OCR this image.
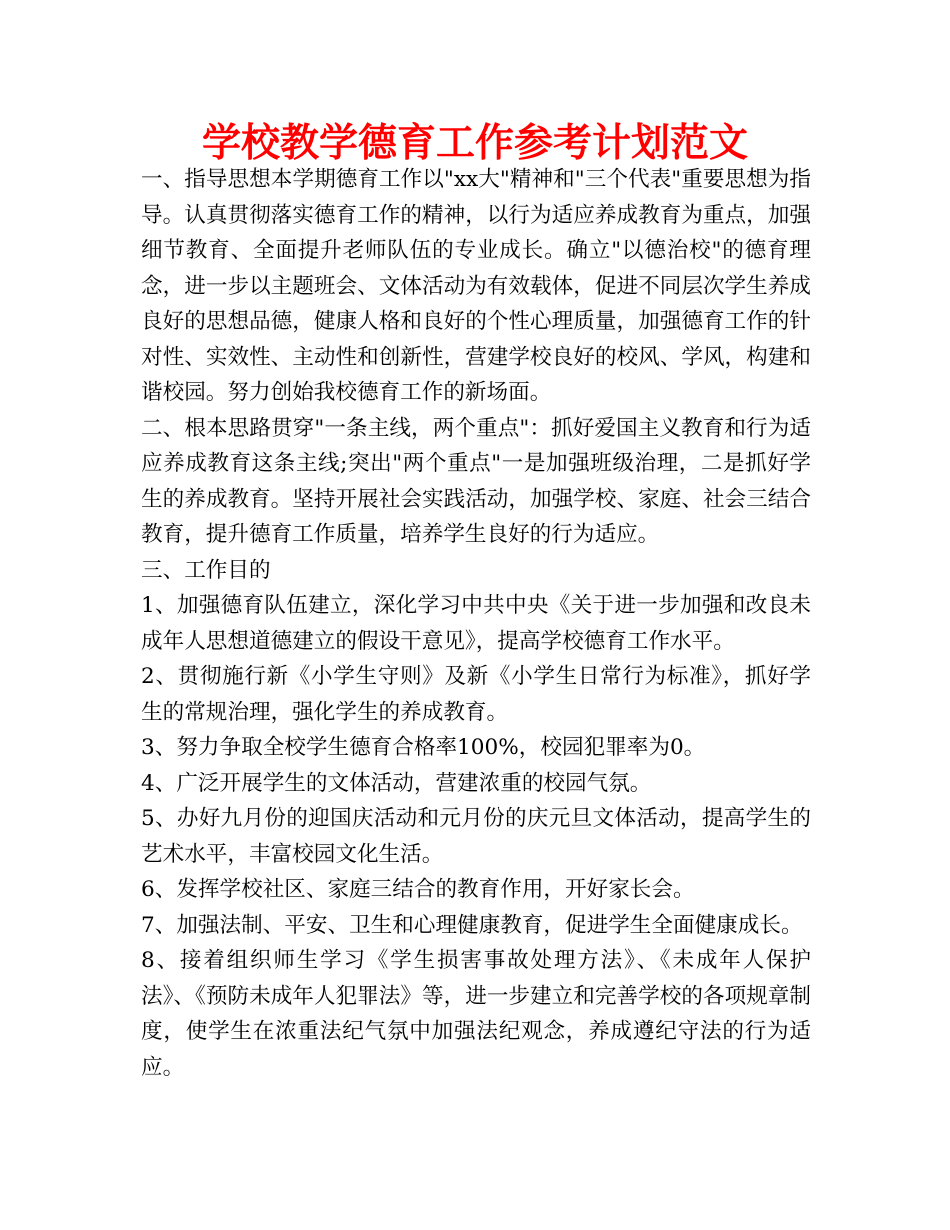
学校教学德育工作参考计划范文

一、指导思想本学期德育工作以"xx大"精神和"三个代表"重要思想为指导。认真贯彻落实德育工作的精神，以行为适应养成教育为重点，加强细节教育、全面提升老师队伍的专业成长。确立"以德治校"的德育理念，进一步以主题班会、文体活动为有效载体，促进不同层次学生养成良好的思想品德，健康人格和良好的个性心理质量，加强德育工作的针对性、实效性、主动性和创新性，营建学校良好的校风、学风，构建和谐校园。努力创始我校德育工作的新场面。

二、根本思路贯穿"一条主线，两个重点"：抓好爱国主义教育和行为适应养成教育这条主线;突出"两个重点"一是加强班级治理，二是抓好学生的养成教育。坚持开展社会实践活动，加强学校、家庭、社会三结合教育，提升德育工作质量，培养学生良好的行为适应。

三、工作目的

1、加强德育队伍建立，深化学习中共中央《关于进一步加强和改良未成年人思想道德建立的假设干意见》，提高学校德育工作水平。

2、贯彻施行新《小学生守则》及新《小学生日常行为标准》，抓好学生的常规治理，强化学生的养成教育。

3、努力争取全校学生德育合格率100%，校园犯罪率为0。

4、广泛开展学生的文体活动，营建浓重的校园气氛。

5、办好九月份的迎国庆活动和元月份的庆元旦文体活动，提高学生的艺术水平，丰富校园文化生活。

6、发挥学校社区、家庭三结合的教育作用，开好家长会。

7、加强法制、平安、卫生和心理健康教育，促进学生全面健康成长。

8、接着组织师生学习《学生损害事故处理方法》、《未成年人保护法》、《预防未成年人犯罪法》等，进一步建立和完善学校的各项规章制度，使学生在浓重法纪气氛中加强法纪观念，养成遵纪守法的行为适应。
